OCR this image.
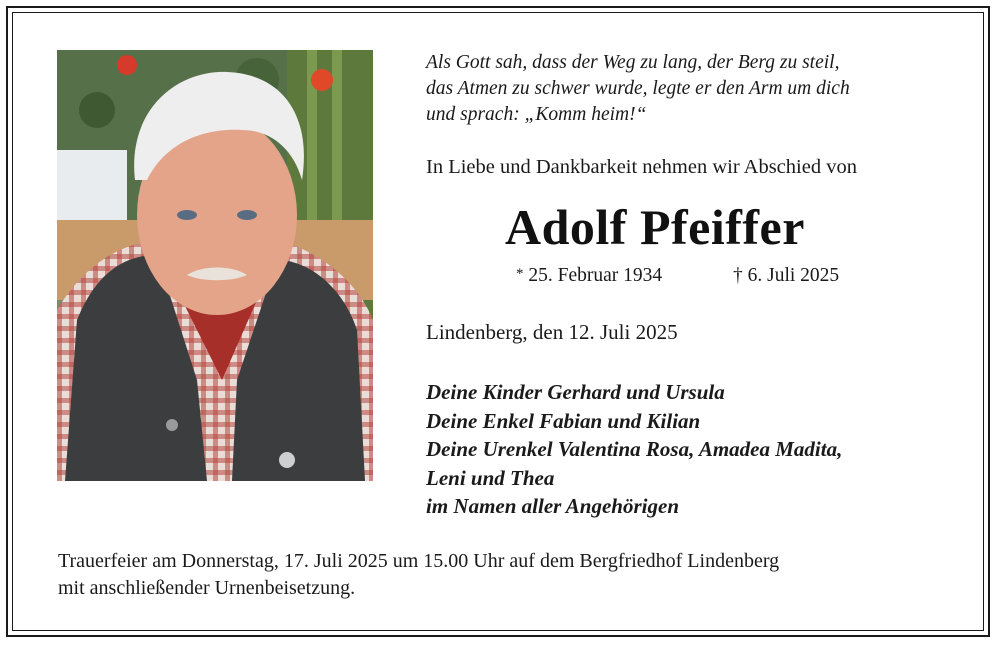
Als Gott sah, dass der Weg zu lang, der Berg zu steil,
das Atmen zu schwer wurde, legte er den Arm um dich
und sprach: „Komm heim!“
In Liebe und Dankbarkeit nehmen wir Abschied von
Adolf Pfeiffer
* 25. Februar 1934	† 6. Juli 2025
Lindenberg, den 12. Juli 2025
Deine Kinder Gerhard und Ursula
Deine Enkel Fabian und Kilian
Deine Urenkel Valentina Rosa, Amadea Madita,
Leni und Thea
im Namen aller Angehörigen
Trauerfeier am Donnerstag, 17. Juli 2025 um 15.00 Uhr auf dem Bergfriedhof Lindenberg
mit anschließender Urnenbeisetzung.
